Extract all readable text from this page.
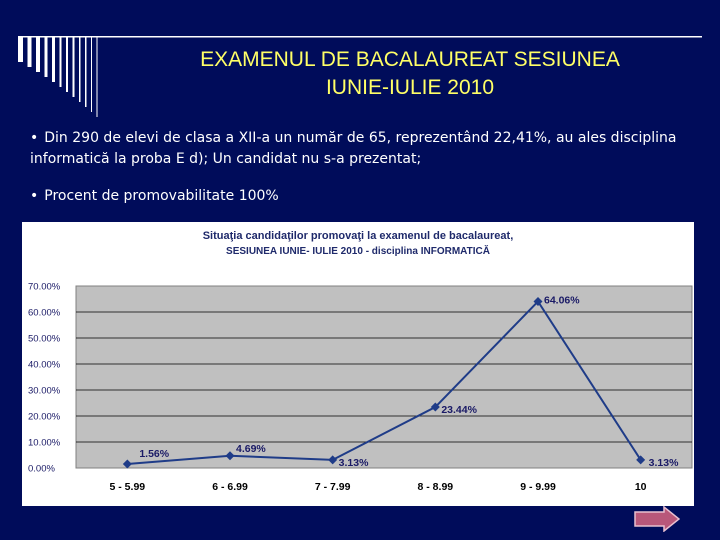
EXAMENUL DE BACALAUREAT SESIUNEA
IUNIE-IULIE 2010
• Din 290 de elevi de clasa a XII-a un număr de 65, reprezentând 22,41%, au ales disciplina informatică la proba E d); Un candidat nu s-a prezentat;
• Procent de promovabilitate 100%
Situaţia candidaţilor promovaţi la examenul de bacalaureat,
SESIUNEA IUNIE- IULIE 2010 - disciplina INFORMATICĂ
0.00%
10.00%
20.00%
30.00%
40.00%
50.00%
60.00%
70.00%
5 - 5.99	6 - 6.99	7 - 7.99	8 - 8.99	9 - 9.99	10
1.56%	4.69%
3.13%
23.44%
64.06%
3.13%
